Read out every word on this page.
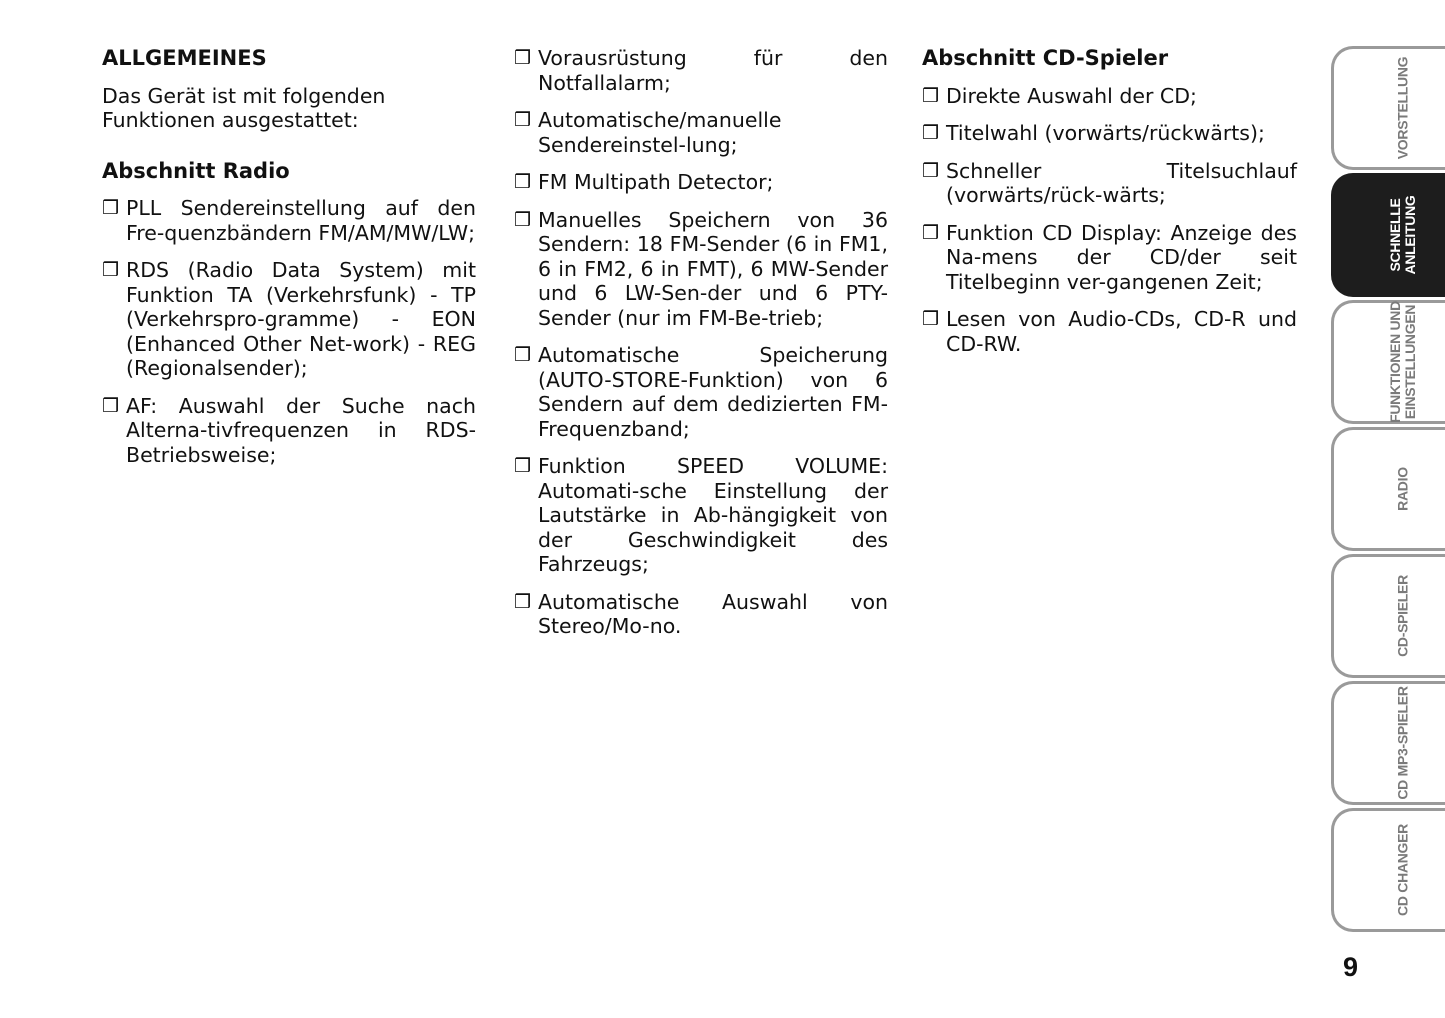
ALLGEMEINES
Das Gerät ist mit folgenden Funktionen ausgestattet:
Abschnitt Radio
❒ PLL Sendereinstellung auf den Fre-quenzbändern FM/AM/MW/LW;
❒ RDS (Radio Data System) mit Funktion TA (Verkehrsfunk) - TP (Verkehrspro-gramme) - EON (Enhanced Other Net-work) - REG (Regionalsender);
❒ AF: Auswahl der Suche nach Alterna-tivfrequenzen in RDS-Betriebsweise;
❒ Vorausrüstung für den Notfallalarm;
❒ Automatische/manuelle Sendereinstel-lung;
❒ FM Multipath Detector;
❒ Manuelles Speichern von 36 Sendern: 18 FM-Sender (6 in FM1, 6 in FM2, 6 in FMT), 6 MW-Sender und 6 LW-Sen-der und 6 PTY-Sender (nur im FM-Be-trieb;
❒ Automatische Speicherung (AUTO-STORE-Funktion) von 6 Sendern auf dem dedizierten FM-Frequenzband;
❒ Funktion SPEED VOLUME: Automati-sche Einstellung der Lautstärke in Ab-hängigkeit von der Geschwindigkeit des Fahrzeugs;
❒ Automatische Auswahl von Stereo/Mo-no.
Abschnitt CD-Spieler
❒ Direkte Auswahl der CD;
❒ Titelwahl (vorwärts/rückwärts);
❒ Schneller Titelsuchlauf (vorwärts/rück-wärts;
❒ Funktion CD Display: Anzeige des Na-mens der CD/der seit Titelbeginn ver-gangenen Zeit;
❒ Lesen von Audio-CDs, CD-R und CD-RW.
VORSTELLUNG
SCHNELLE
ANLEITUNG
FUNKTIONEN UND
EINSTELLUNGEN
RADIO
CD-SPIELER
CD MP3-SPIELER
CD CHANGER
9
